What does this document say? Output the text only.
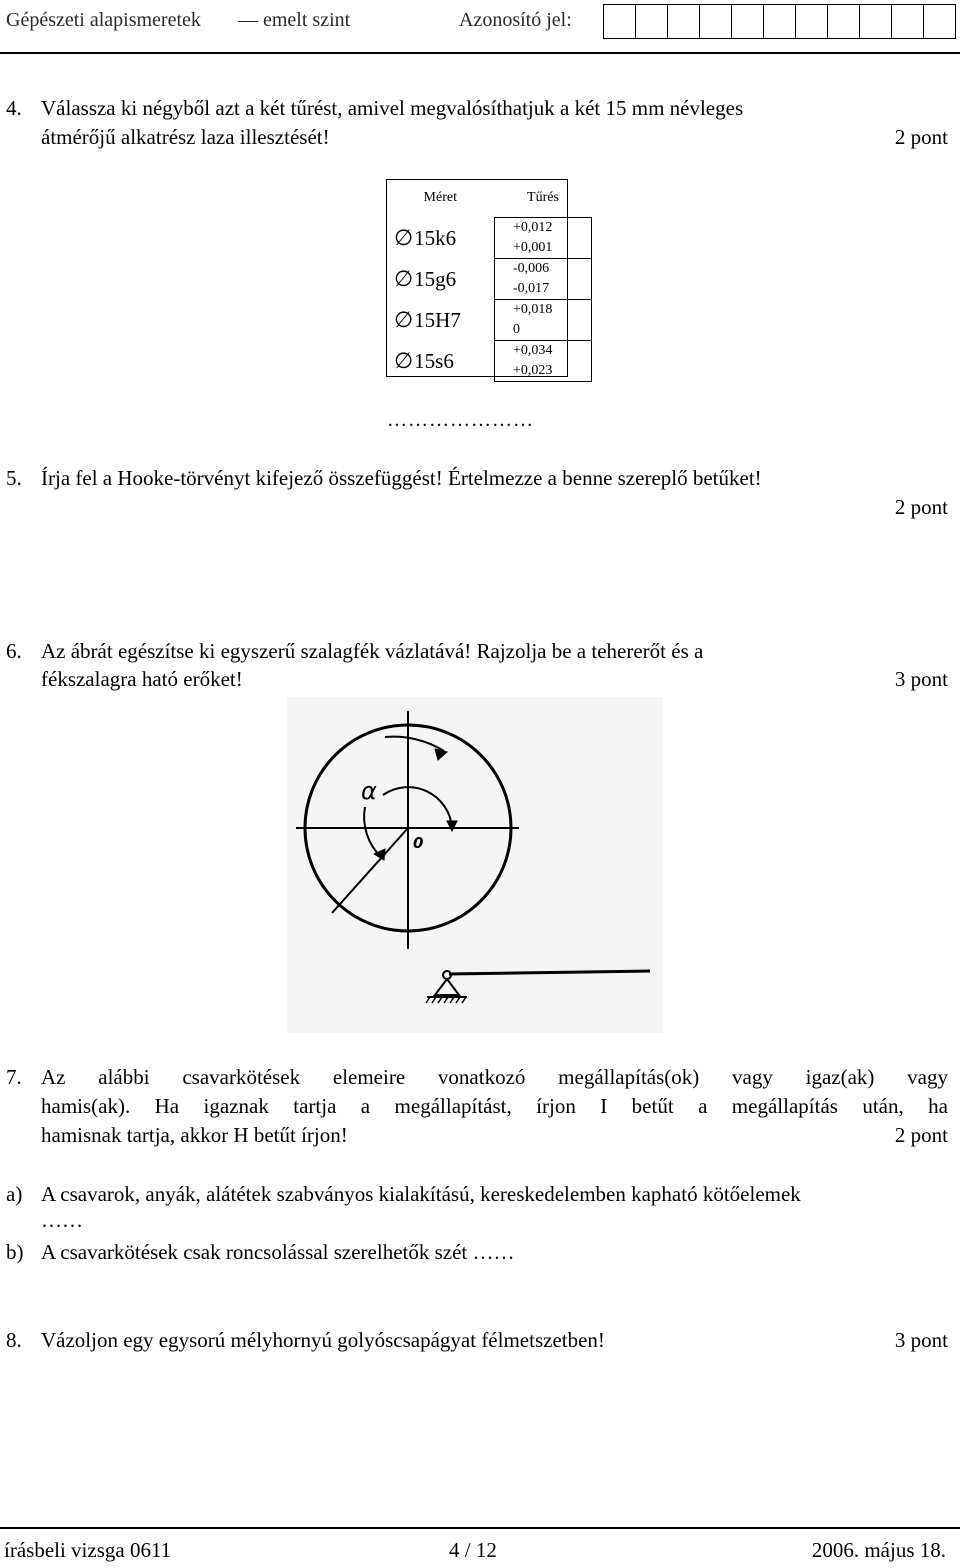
Gépészeti alapismeretek — emelt szint	Azonosító jel:
4. Válassza ki négyből azt a két tűrést, amivel megvalósíthatjuk a két 15 mm névleges
átmérőjű alkatrész laza illesztését!	2 pont
Méret	Tűrés
∅15k6	+0,012
+0,001

∅15g6	-0,006
-0,017

∅15H7	+0,018
0

∅15s6	+0,034
+0,023
…………………
5. Írja fel a Hooke-törvényt kifejező összefüggést! Értelmezze a benne szereplő betűket!
2 pont
6. Az ábrát egészítse ki egyszerű szalagfék vázlatává! Rajzolja be a tehererőt és a
fékszalagra ható erőket!	3 pont
α
0
7. Az alábbi csavarkötések elemeire vonatkozó megállapítás(ok) vagy igaz(ak) vagy
hamis(ak). Ha igaznak tartja a megállapítást, írjon I betűt a megállapítás után, ha
hamisnak tartja, akkor H betűt írjon!	2 pont
a) A csavarok, anyák, alátétek szabványos kialakítású, kereskedelemben kapható kötőelemek
……
b) A csavarkötések csak roncsolással szerelhetők szét ……
8. Vázoljon egy egysorú mélyhornyú golyóscsapágyat félmetszetben!	3 pont
írásbeli vizsga 0611	4 / 12	2006. május 18.
